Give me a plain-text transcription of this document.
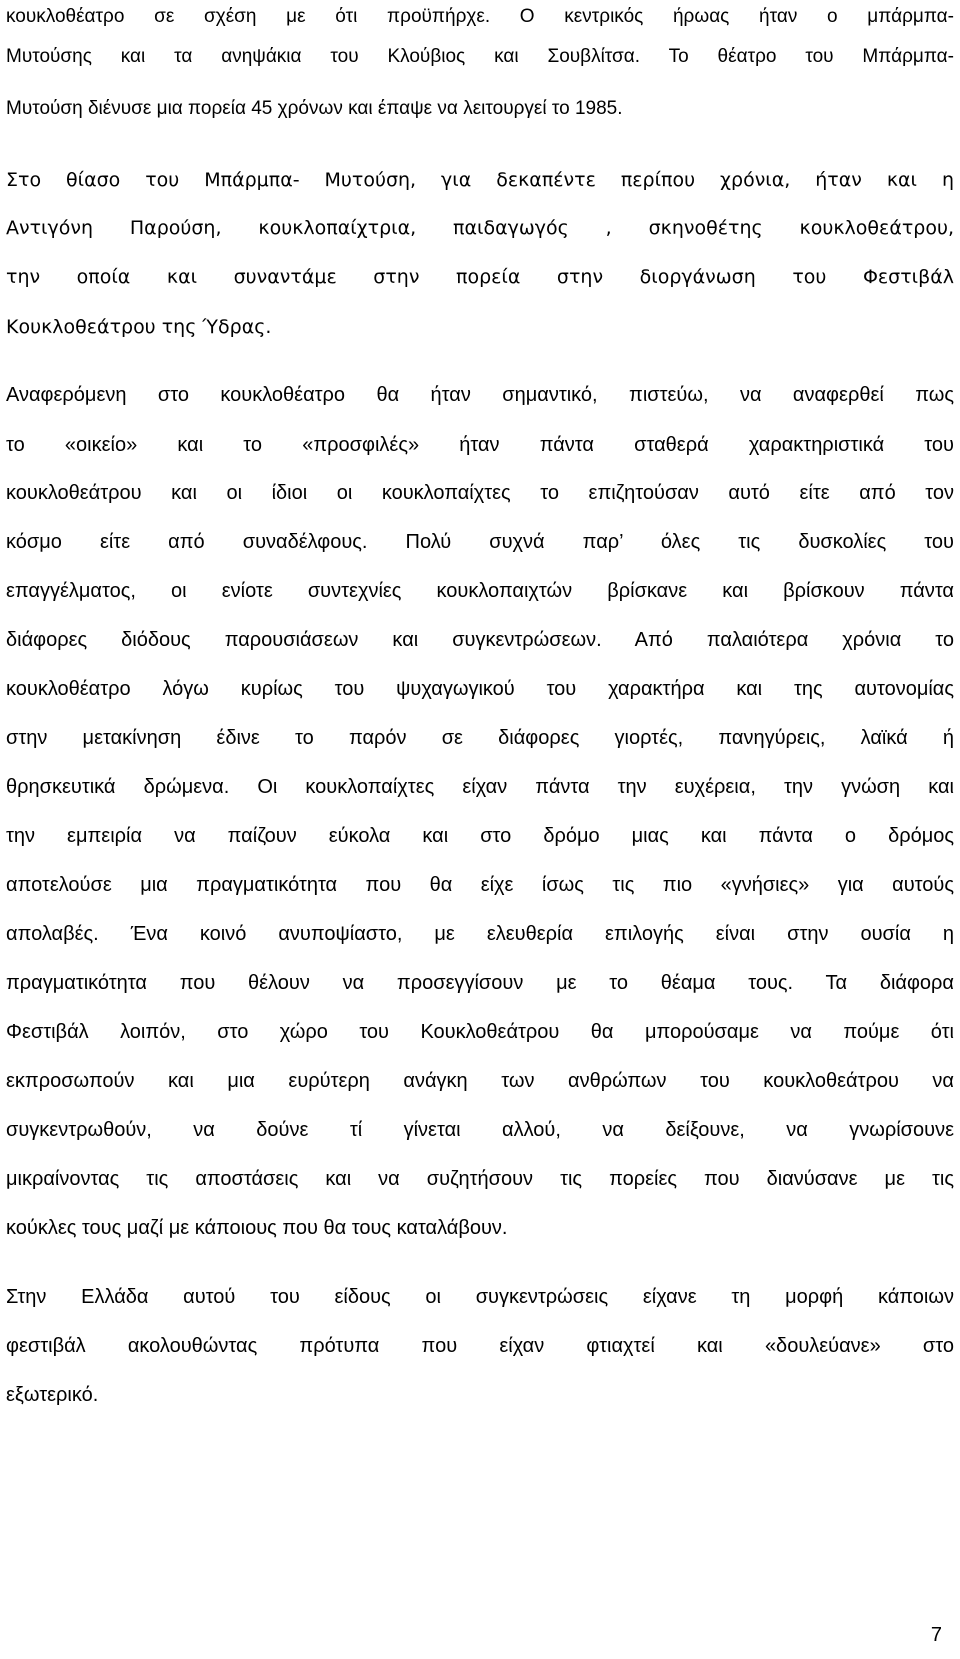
κουκλοθέατρο σε σχέση με ότι προϋπήρχε. Ο κεντρικός ήρωας ήταν ο μπάρμπα-

Μυτούσης και τα ανηψάκια του Κλούβιος και Σουβλίτσα. Το θέατρο του Μπάρμπα-

Μυτούση διένυσε μια πορεία 45 χρόνων και έπαψε να λειτουργεί το 1985.

Στο θίασο του Μπάρμπα- Μυτούση, για δεκαπέντε περίπου χρόνια, ήταν και η

Αντιγόνη Παρούση, κουκλοπαίχτρια, παιδαγωγός , σκηνοθέτης κουκλοθεάτρου,

την οποία και συναντάμε στην πορεία στην διοργάνωση του Φεστιβάλ

Κουκλοθεάτρου της Ύδρας.

Αναφερόμενη στο κουκλοθέατρο θα ήταν σημαντικό, πιστεύω, να αναφερθεί πως

το «οικείο» και το «προσφιλές» ήταν πάντα σταθερά χαρακτηριστικά του

κουκλοθεάτρου και οι ίδιοι οι κουκλοπαίχτες το επιζητούσαν αυτό είτε από τον

κόσμο είτε από συναδέλφους. Πολύ συχνά παρ’ όλες τις δυσκολίες του

επαγγέλματος, οι ενίοτε συντεχνίες κουκλοπαιχτών βρίσκανε και βρίσκουν πάντα

διάφορες διόδους παρουσιάσεων και συγκεντρώσεων. Από παλαιότερα χρόνια το

κουκλοθέατρο λόγω κυρίως του ψυχαγωγικού του χαρακτήρα και της αυτονομίας

στην μετακίνηση έδινε το παρόν σε διάφορες γιορτές, πανηγύρεις, λαϊκά ή

θρησκευτικά δρώμενα. Οι κουκλοπαίχτες είχαν πάντα την ευχέρεια, την γνώση και

την εμπειρία να παίζουν εύκολα και στο δρόμο μιας και πάντα ο δρόμος

αποτελούσε μια πραγματικότητα που θα είχε ίσως τις πιο «γνήσιες» για αυτούς

απολαβές. Ένα κοινό ανυποψίαστο, με ελευθερία επιλογής είναι στην ουσία η

πραγματικότητα που θέλουν να προσεγγίσουν με το θέαμα τους. Τα διάφορα

Φεστιβάλ λοιπόν, στο χώρο του Κουκλοθεάτρου θα μπορούσαμε να πούμε ότι

εκπροσωπούν και μια ευρύτερη ανάγκη των ανθρώπων του κουκλοθεάτρου να

συγκεντρωθούν, να δούνε τί γίνεται αλλού, να δείξουνε, να γνωρίσουνε

μικραίνοντας τις αποστάσεις και να συζητήσουν τις πορείες που διανύσανε με τις

κούκλες τους μαζί με κάποιους που θα τους καταλάβουν.

Στην Ελλάδα αυτού του είδους οι συγκεντρώσεις είχανε τη μορφή κάποιων

φεστιβάλ ακολουθώντας πρότυπα που είχαν φτιαχτεί και «δουλεύανε» στο

εξωτερικό.

7
